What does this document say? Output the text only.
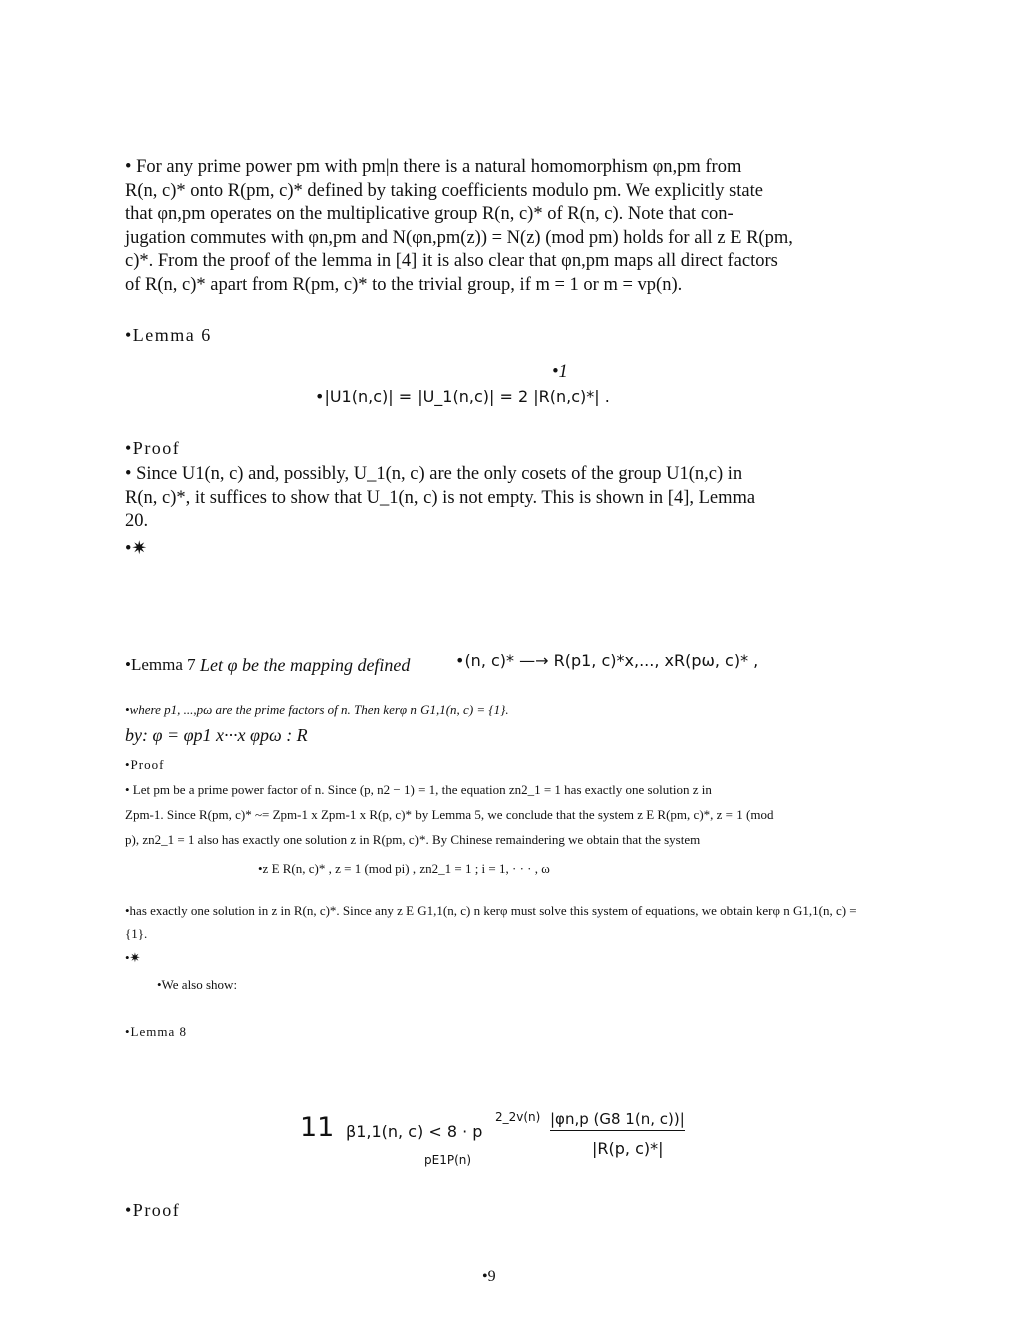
• For any prime power pm with pm|n there is a natural homomorphism φn,pm from
R(n, c)* onto R(pm, c)* defined by taking coefficients modulo pm. We explicitly state
that φn,pm operates on the multiplicative group R(n, c)* of R(n, c). Note that con-
jugation commutes with φn,pm and N(φn,pm(z)) = N(z) (mod pm) holds for all z E R(pm,
c)*. From the proof of the lemma in [4] it is also clear that φn,pm maps all direct factors
of R(n, c)* apart from R(pm, c)* to the trivial group, if m = 1 or m = vp(n).
•Lemma 6
•1
•|U1(n,c)| = |U_1(n,c)| = 2 |R(n,c)*| .
•Proof
• Since U1(n, c) and, possibly, U_1(n, c) are the only cosets of the group U1(n,c) in
R(n, c)*, it suffices to show that U_1(n, c) is not empty. This is shown in [4], Lemma
20.
•✷
•Lemma 7 Let φ be the mapping defined	•(n, c)* —→ R(p1, c)*x,..., xR(pω, c)* ,
•where p1, ...,pω are the prime factors of n. Then kerφ n G1,1(n, c) = {1}.
by: φ = φp1 x···x φpω : R
•Proof
• Let pm be a prime power factor of n. Since (p, n2 − 1) = 1, the equation zn2_1 = 1 has exactly one solution z in
Zpm-1. Since R(pm, c)* ~= Zpm-1 x Zpm-1 x R(p, c)* by Lemma 5, we conclude that the system z E R(pm, c)*, z = 1 (mod
p), zn2_1 = 1 also has exactly one solution z in R(pm, c)*. By Chinese remaindering we obtain that the system
•z E R(n, c)* , z = 1 (mod pi) , zn2_1 = 1 ; i = 1, · · · , ω
•has exactly one solution in z in R(n, c)*. Since any z E G1,1(n, c) n kerφ must solve this system of equations, we obtain kerφ n G1,1(n, c) =
{1}.
•✷
•We also show:
•Lemma 8
11 β1,1(n, c) < 8 · p
2_2v(n) |φn,p (G8 1(n, c))|
pE1P(n)
|R(p, c)*|
•Proof
•9
